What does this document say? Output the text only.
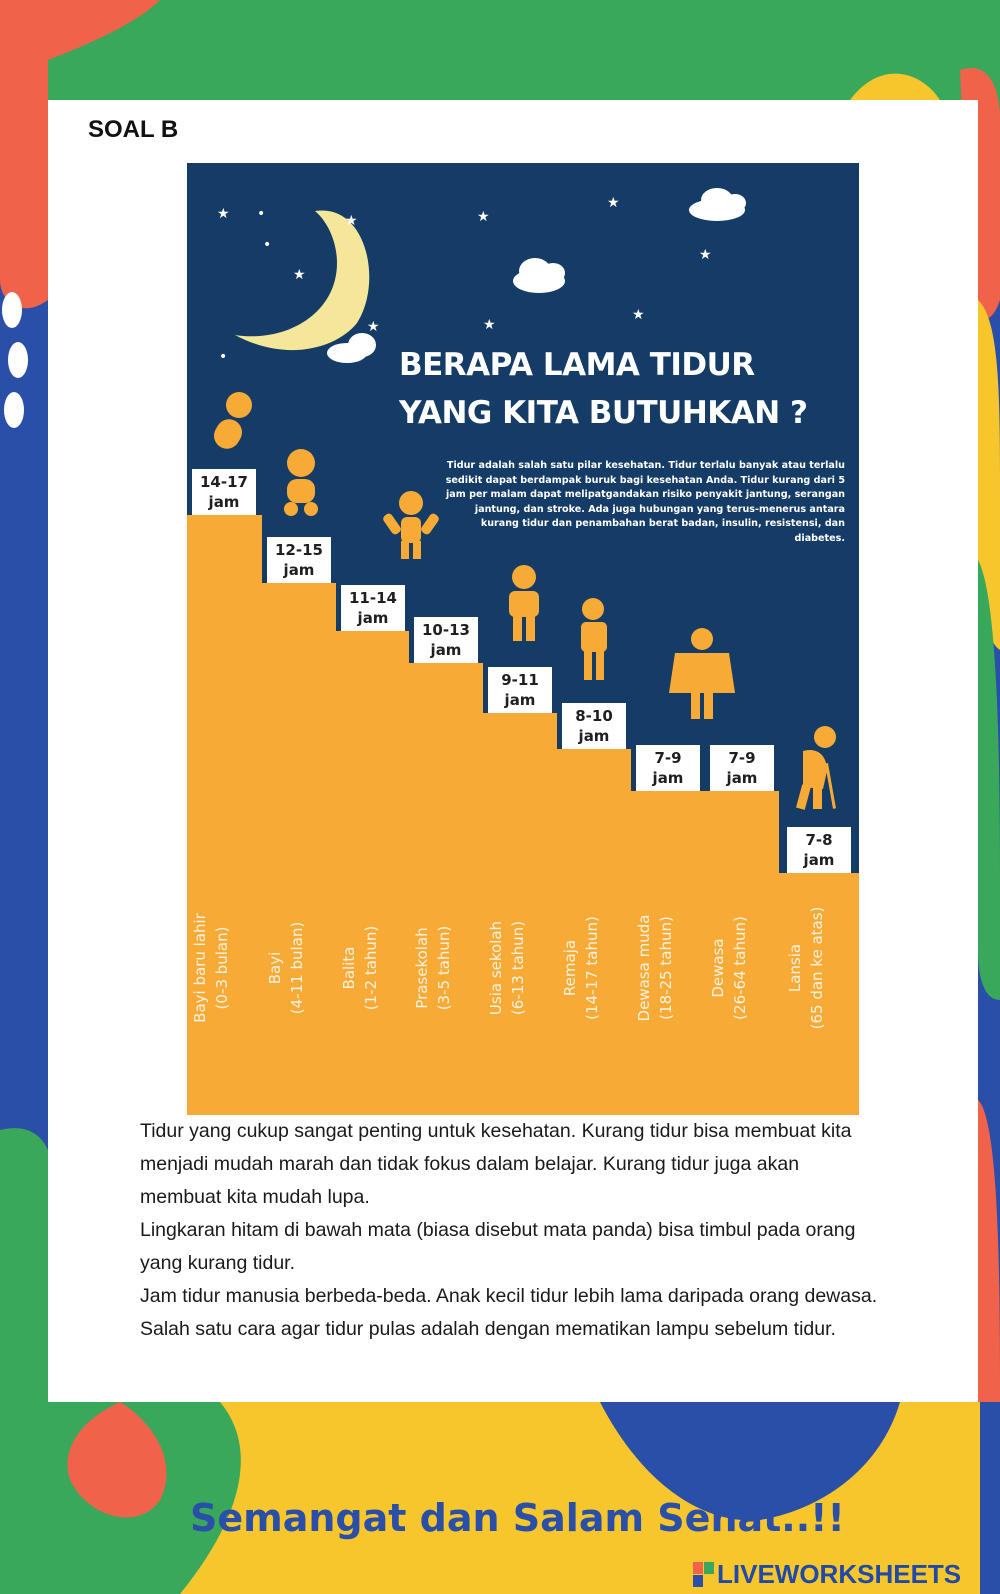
SOAL B
★ •	★
•
★
★
★
★
★
★
★
•	BERAPA LAMA TIDUR
YANG KITA BUTUHKAN ?

Tidur adalah salah satu pilar kesehatan. Tidur terlalu banyak atau terlalu sedikit dapat berdampak buruk bagi kesehatan Anda. Tidur kurang dari 5 jam per malam dapat melipatgandakan risiko penyakit jantung, serangan jantung, dan stroke. Ada juga hubungan yang terus-menerus antara kurang tidur dan penambahan berat badan, insulin, resistensi, dan diabetes.

14-17
jam
12-15
jam
11-14
jam
10-13
jam
9-11
jam
8-10
jam
7-9
jam
7-9
jam
7-8
jam
Bayi baru lahir (0-3 bulan) Bayi (4-11 bulan) Balita (1-2 tahun) Prasekolah (3-5 tahun) Usia sekolah (6-13 tahun) Remaja (14-17 tahun) Dewasa muda (18-25 tahun) Dewasa (26-64 tahun) Lansia (65 dan ke atas)

Tidur yang cukup sangat penting untuk kesehatan. Kurang tidur bisa membuat kita

menjadi mudah marah dan tidak fokus dalam belajar. Kurang tidur juga akan

membuat kita mudah lupa.

Lingkaran hitam di bawah mata (biasa disebut mata panda) bisa timbul pada orang

yang kurang tidur.

Jam tidur manusia berbeda-beda. Anak kecil tidur lebih lama daripada orang dewasa.

Salah satu cara agar tidur pulas adalah dengan mematikan lampu sebelum tidur.

Semangat dan Salam Sehat..!!
LIVEWORKSHEETS
